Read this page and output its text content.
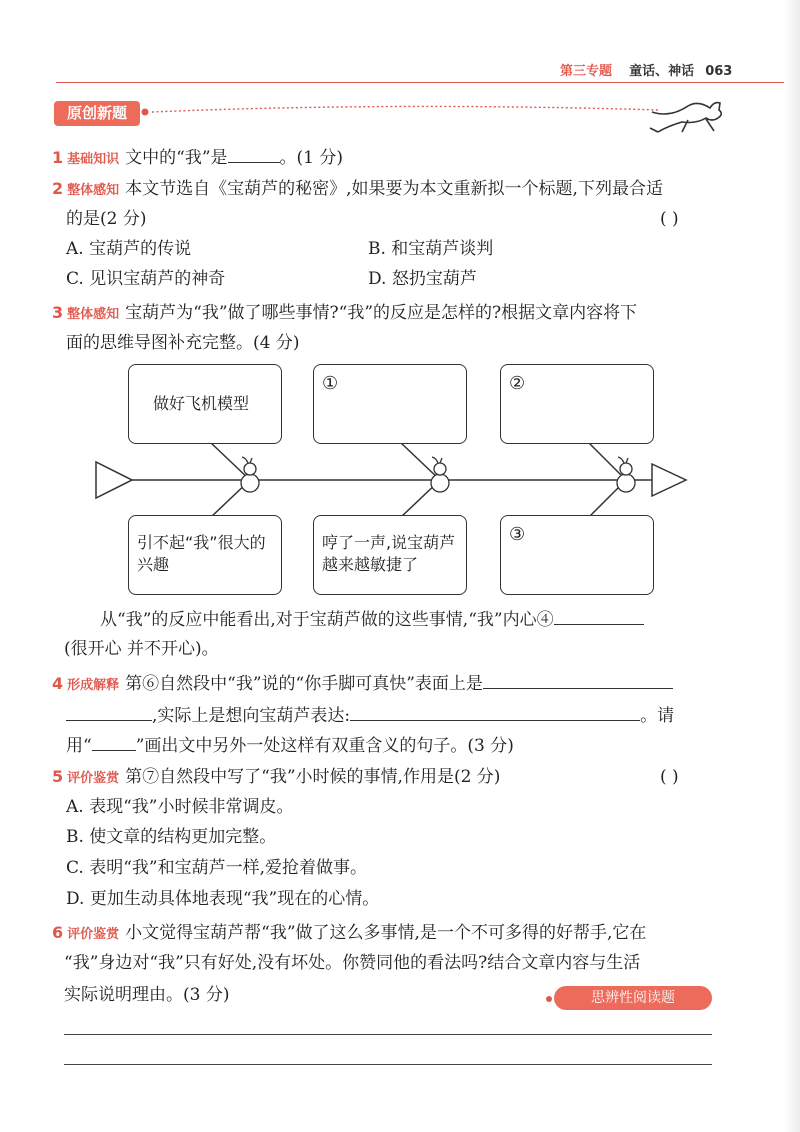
第三专题 童话、神话 063
原创新题
1 基础知识 文中的“我”是	。(1 分)
2 整体感知 本文节选自《宝葫芦的秘密》,如果要为本文重新拟一个标题,下列最合适
的是(2 分)	( )
A. 宝葫芦的传说	B. 和宝葫芦谈判
C. 见识宝葫芦的神奇	D. 怒扔宝葫芦
3 整体感知 宝葫芦为“我”做了哪些事情?“我”的反应是怎样的?根据文章内容将下
面的思维导图补充完整。(4 分)
做好飞机模型
①	②
引不起“我”很大的兴趣
哼了一声,说宝葫芦越来越敏捷了
③
从“我”的反应中能看出,对于宝葫芦做的这些事情,“我”内心④
(很开心 并不开心)。
4 形成解释 第⑥自然段中“我”说的“你手脚可真快”表面上是
,实际上是想向宝葫芦表达:	。请
用“	”画出文中另外一处这样有双重含义的句子。(3 分)
5 评价鉴赏 第⑦自然段中写了“我”小时候的事情,作用是(2 分)	( )
A. 表现“我”小时候非常调皮。
B. 使文章的结构更加完整。
C. 表明“我”和宝葫芦一样,爱抢着做事。
D. 更加生动具体地表现“我”现在的心情。
6 评价鉴赏 小文觉得宝葫芦帮“我”做了这么多事情,是一个不可多得的好帮手,它在
“我”身边对“我”只有好处,没有坏处。你赞同他的看法吗?结合文章内容与生活
实际说明理由。(3 分)	思辨性阅读题
